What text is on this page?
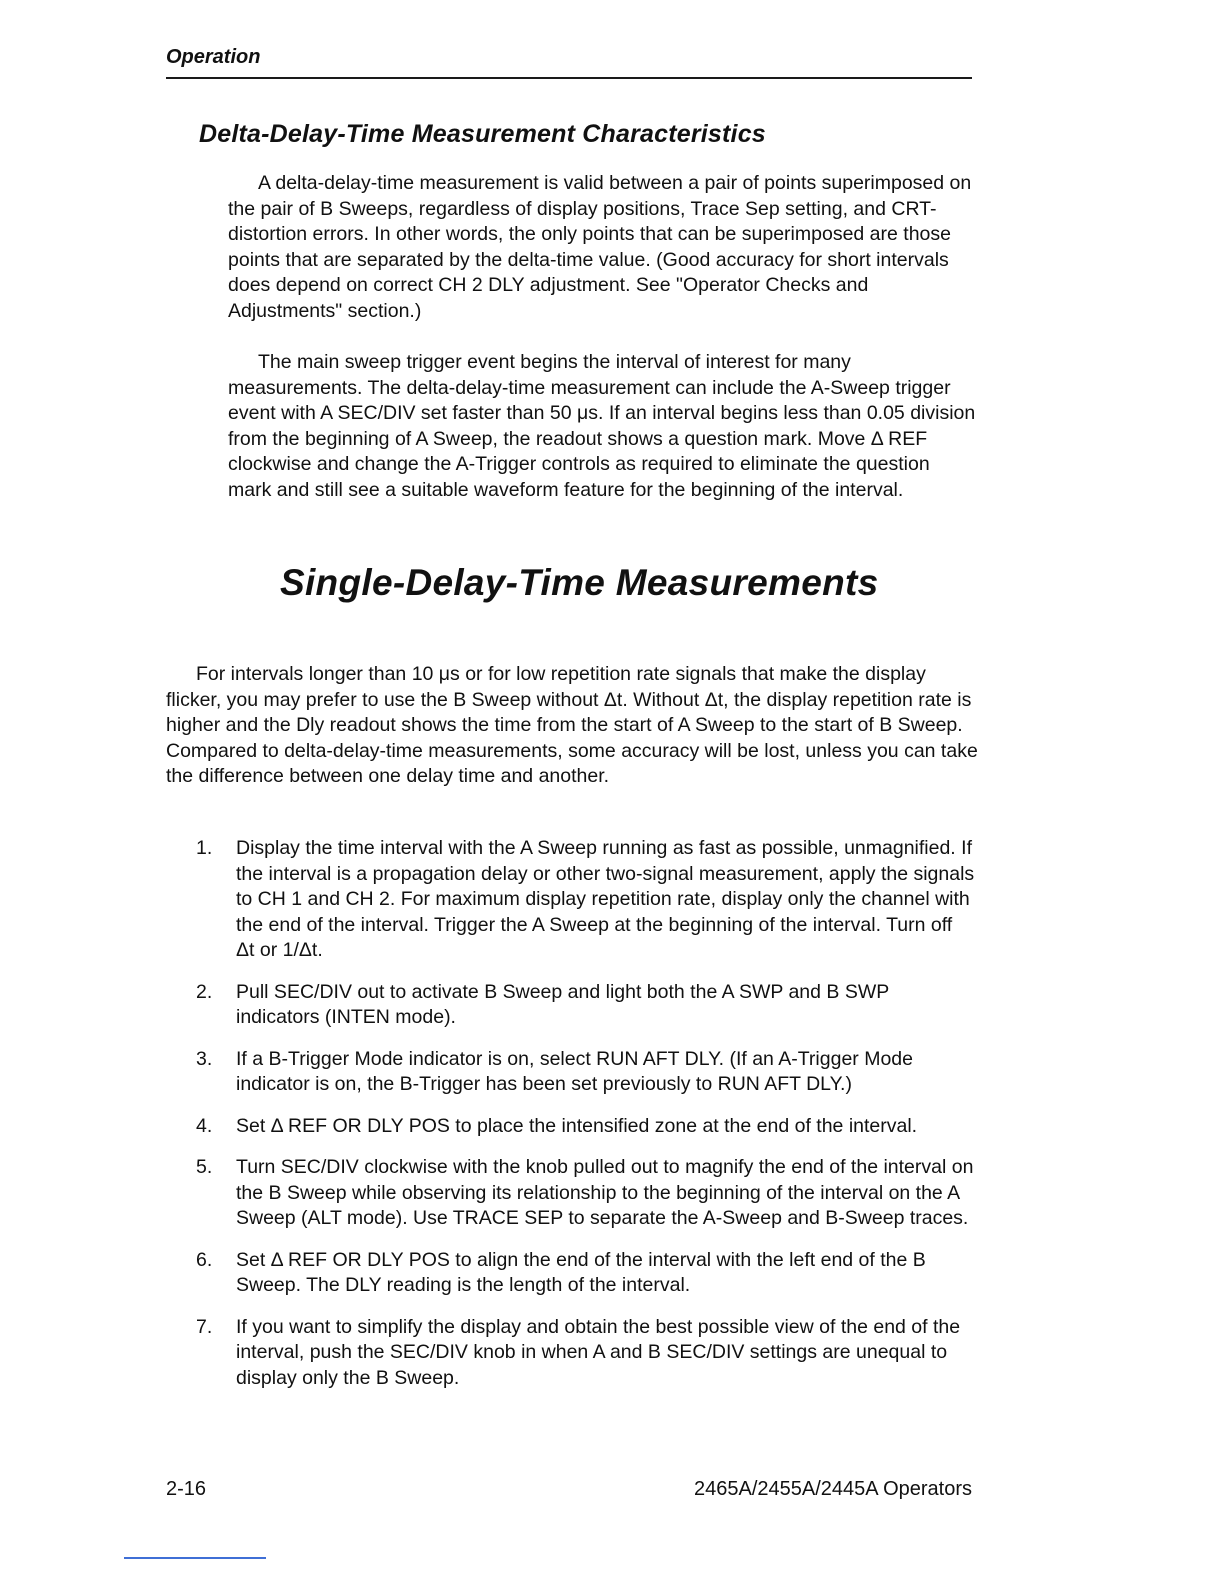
Operation
Delta-Delay-Time Measurement Characteristics

A delta-delay-time measurement is valid between a pair of points superimposed on the pair of B Sweeps, regardless of display positions, Trace Sep setting, and CRT-distortion errors. In other words, the only points that can be superimposed are those points that are separated by the delta-time value. (Good accuracy for short intervals does depend on correct CH 2 DLY adjustment. See "Operator Checks and Adjustments" section.)

The main sweep trigger event begins the interval of interest for many measurements. The delta-delay-time measurement can include the A-Sweep trigger event with A SEC/DIV set faster than 50 μs. If an interval begins less than 0.05 division from the beginning of A Sweep, the readout shows a question mark. Move Δ REF clockwise and change the A-Trigger controls as required to eliminate the question mark and still see a suitable waveform feature for the beginning of the interval.

Single-Delay-Time Measurements

For intervals longer than 10 μs or for low repetition rate signals that make the display flicker, you may prefer to use the B Sweep without Δt. Without Δt, the display repetition rate is higher and the Dly readout shows the time from the start of A Sweep to the start of B Sweep. Compared to delta-delay-time measurements, some accuracy will be lost, unless you can take the difference between one delay time and another.

1.	Display the time interval with the A Sweep running as fast as possible, unmagnified. If the interval is a propagation delay or other two-signal measurement, apply the signals to CH 1 and CH 2. For maximum display repetition rate, display only the channel with the end of the interval. Trigger the A Sweep at the beginning of the interval. Turn off Δt or 1/Δt.
2.	Pull SEC/DIV out to activate B Sweep and light both the A SWP and B SWP indicators (INTEN mode).
3.	If a B-Trigger Mode indicator is on, select RUN AFT DLY. (If an A-Trigger Mode indicator is on, the B-Trigger has been set previously to RUN AFT DLY.)
4.	Set Δ REF OR DLY POS to place the intensified zone at the end of the interval.
5.	Turn SEC/DIV clockwise with the knob pulled out to magnify the end of the interval on the B Sweep while observing its relationship to the beginning of the interval on the A Sweep (ALT mode). Use TRACE SEP to separate the A-Sweep and B-Sweep traces.
6.	Set Δ REF OR DLY POS to align the end of the interval with the left end of the B Sweep. The DLY reading is the length of the interval.
7.	If you want to simplify the display and obtain the best possible view of the end of the interval, push the SEC/DIV knob in when A and B SEC/DIV settings are unequal to display only the B Sweep.
2-16	2465A/2455A/2445A Operators
